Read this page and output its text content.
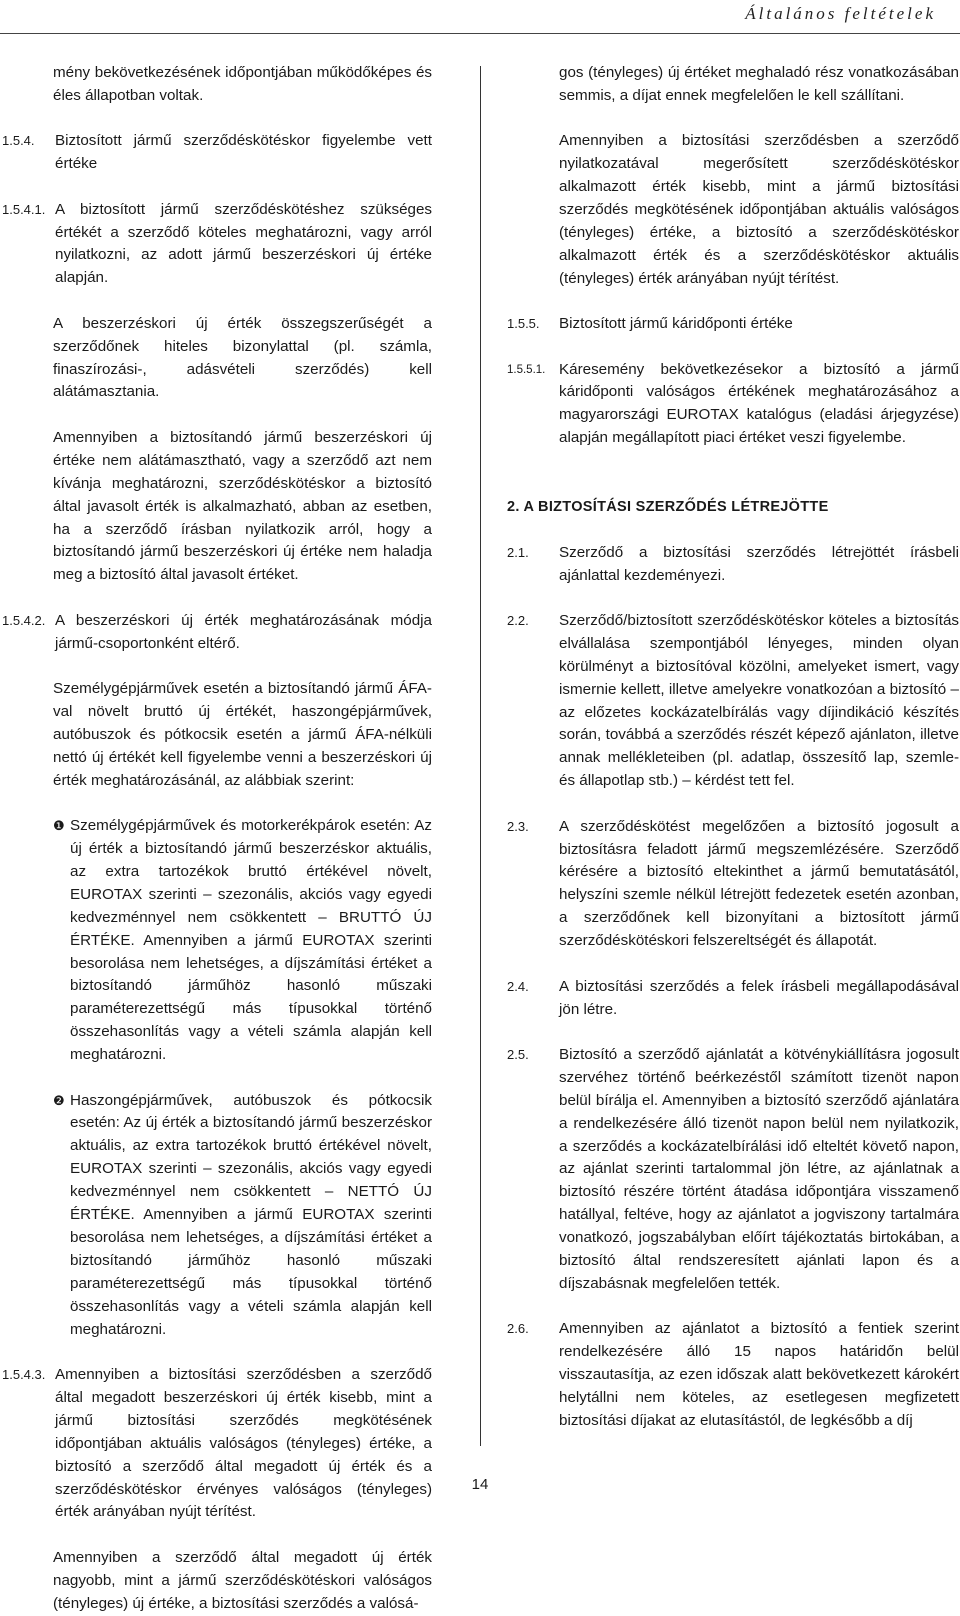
Általános feltételek

mény bekövetkezésének időpontjában működőképes és éles állapotban voltak.

1.5.4.	Biztosított jármű szerződéskötéskor figyelembe vett értéke
1.5.4.1. A biztosított jármű szerződéskötéshez szükséges értékét a szerződő köteles meghatározni, vagy arról nyilatkozni, az adott jármű beszerzéskori új értéke alapján.

A beszerzéskori új érték összegszerűségét a szerződőnek hiteles bizonylattal (pl. számla, finaszírozási-, adásvételi szerződés) kell alátámasztania.

Amennyiben a biztosítandó jármű beszerzéskori új értéke nem alátámasztható, vagy a szerződő azt nem kívánja meghatározni, szerződéskötéskor a biztosító által javasolt érték is alkalmazható, abban az esetben, ha a szerződő írásban nyilatkozik arról, hogy a biztosítandó jármű beszerzéskori új értéke nem haladja meg a biztosító által javasolt értéket.

1.5.4.2. A beszerzéskori új érték meghatározásának módja jármű-csoportonként eltérő.

Személygépjárművek esetén a biztosítandó jármű ÁFA-val növelt bruttó új értékét, haszongépjárművek, autóbuszok és pótkocsik esetén a jármű ÁFA-nélküli nettó új értékét kell figyelembe venni a beszerzéskori új érték meghatározásánál, az alábbiak szerint:

❶ Személygépjárművek és motorkerékpárok esetén: Az új érték a biztosítandó jármű beszerzéskor aktuális, az extra tartozékok bruttó értékével növelt, EUROTAX szerinti – szezonális, akciós vagy egyedi kedvezménnyel nem csökkentett – BRUTTÓ ÚJ ÉRTÉKE. Amennyiben a jármű EUROTAX szerinti besorolása nem lehetséges, a díjszámítási értéket a biztosítandó járműhöz hasonló műszaki paraméterezettségű más típusokkal történő összehasonlítás vagy a vételi számla alapján kell meghatározni.
❷ Haszongépjárművek, autóbuszok és pótkocsik esetén: Az új érték a biztosítandó jármű beszerzéskor aktuális, az extra tartozékok bruttó értékével növelt, EUROTAX szerinti – szezonális, akciós vagy egyedi kedvezménnyel nem csökkentett – NETTÓ ÚJ ÉRTÉKE. Amennyiben a jármű EUROTAX szerinti besorolása nem lehetséges, a díjszámítási értéket a biztosítandó járműhöz hasonló műszaki paraméterezettségű más típusokkal történő összehasonlítás vagy a vételi számla alapján kell meghatározni.
1.5.4.3. Amennyiben a biztosítási szerződésben a szerződő által megadott beszerzéskori új érték kisebb, mint a jármű biztosítási szerződés megkötésének időpontjában aktuális valóságos (tényleges) értéke, a biztosító a szerződő által megadott új érték és a szerződéskötéskor érvényes valóságos (tényleges) érték arányában nyújt térítést.

Amennyiben a szerződő által megadott új érték nagyobb, mint a jármű szerződéskötéskori valóságos (tényleges) új értéke, a biztosítási szerződés a valósá-

gos (tényleges) új értéket meghaladó rész vonatkozásában semmis, a díjat ennek megfelelően le kell szállítani.

Amennyiben a biztosítási szerződésben a szerződő nyilatkozatával megerősített szerződéskötéskor alkalmazott érték kisebb, mint a jármű biztosítási szerződés megkötésének időpontjában aktuális valóságos (tényleges) értéke, a biztosító a szerződéskötéskor alkalmazott érték és a szerződéskötéskor aktuális (tényleges) érték arányában nyújt térítést.

1.5.5.	Biztosított jármű káridőponti értéke
1.5.5.1. Káresemény bekövetkezésekor a biztosító a jármű káridőponti valóságos értékének meghatározásához a magyarországi EUROTAX katalógus (eladási árjegyzése) alapján megállapított piaci értéket veszi figyelembe.

2. A BIZTOSÍTÁSI SZERZŐDÉS LÉTREJÖTTE

2.1.	Szerződő a biztosítási szerződés létrejöttét írásbeli ajánlattal kezdeményezi.
2.2.	Szerződő/biztosított szerződéskötéskor köteles a biztosítás elvállalása szempontjából lényeges, minden olyan körülményt a biztosítóval közölni, amelyeket ismert, vagy ismernie kellett, illetve amelyekre vonatkozóan a biztosító – az előzetes kockázatelbírálás vagy díjindikáció készítés során, továbbá a szerződés részét képező ajánlaton, illetve annak mellékleteiben (pl. adatlap, összesítő lap, szemle- és állapotlap stb.) – kérdést tett fel.
2.3.	A szerződéskötést megelőzően a biztosító jogosult a biztosításra feladott jármű megszemlézésére. Szerződő kérésére a biztosító eltekinthet a jármű bemutatásától, helyszíni szemle nélkül létrejött fedezetek esetén azonban, a szerződőnek kell bizonyítani a biztosított jármű szerződéskötéskori felszereltségét és állapotát.
2.4.	A biztosítási szerződés a felek írásbeli megállapodásával jön létre.
2.5.	Biztosító a szerződő ajánlatát a kötvénykiállításra jogosult szervéhez történő beérkezéstől számított tizenöt napon belül bírálja el. Amennyiben a biztosító szerződő ajánlatára a rendelkezésére álló tizenöt napon belül nem nyilatkozik, a szerződés a kockázatelbírálási idő elteltét követő napon, az ajánlat szerinti tartalommal jön létre, az ajánlatnak a biztosító részére történt átadása időpontjára visszamenő hatállyal, feltéve, hogy az ajánlatot a jogviszony tartalmára vonatkozó, jogszabályban előírt tájékoztatás birtokában, a biztosító által rendszeresített ajánlati lapon és a díjszabásnak megfelelően tették.
2.6.	Amennyiben az ajánlatot a biztosító a fentiek szerint rendelkezésére álló 15 napos határidőn belül visszautasítja, az ezen időszak alatt bekövetkezett károkért helytállni nem köteles, az esetlegesen megfizetett biztosítási díjakat az elutasítástól, de legkésőbb a díj
14
